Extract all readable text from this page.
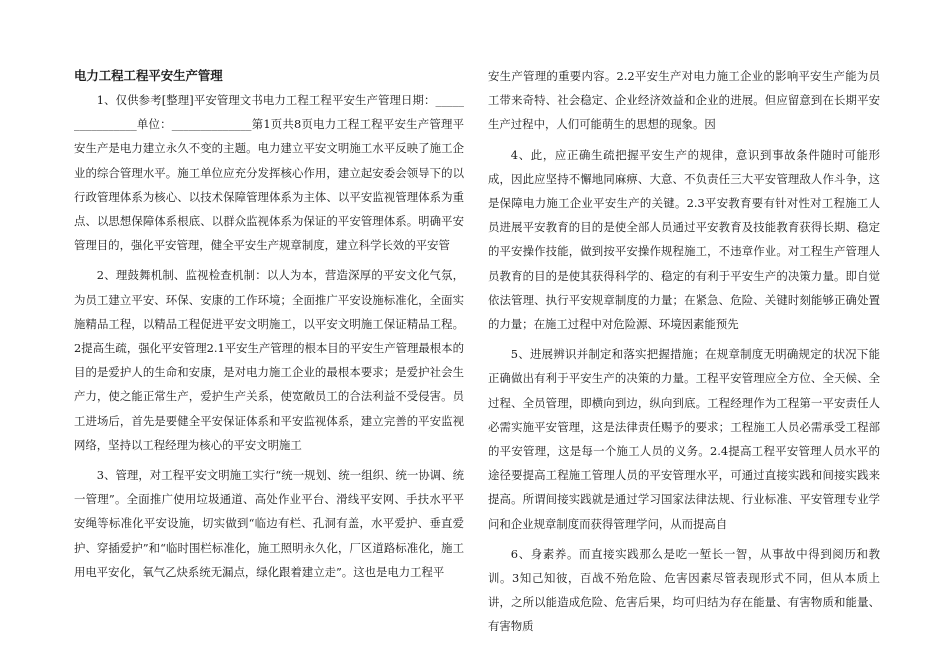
电力工程工程平安生产管理

1、仅供参考[整理]平安管理文书电力工程工程平安生产管理日期：________________单位：______________第1页共8页电力工程工程平安生产管理平安生产是电力建立永久不变的主题。电力建立平安文明施工水平反映了施工企业的综合管理水平。施工单位应充分发挥核心作用，建立起安委会领导下的以行政管理体系为核心、以技术保障管理体系为主体、以平安监视管理体系为重点、以思想保障体系根底、以群众监视体系为保证的平安管理体系。明确平安管理目的，强化平安管理，健全平安生产规章制度，建立科学长效的平安管

2、理鼓舞机制、监视检查机制：以人为本，营造深厚的平安文化气氛，为员工建立平安、环保、安康的工作环境；全面推广平安设施标准化，全面实施精品工程，以精品工程促进平安文明施工，以平安文明施工保证精品工程。2提高生疏，强化平安管理2.1平安生产管理的根本目的平安生产管理最根本的目的是爱护人的生命和安康，是对电力施工企业的最根本要求；是爱护社会生产力，使之能正常生产，爱护生产关系，使宽敞员工的合法利益不受侵害。员工进场后，首先是要健全平安保证体系和平安监视体系，建立完善的平安监视网络，坚持以工程经理为核心的平安文明施工

3、管理，对工程平安文明施工实行“统一规划、统一组织、统一协调、统一管理”。全面推广使用垃圾通道、高处作业平台、滑线平安网、手扶水平平安绳等标准化平安设施，切实做到“临边有栏、孔洞有盖，水平爱护、垂直爱护、穿插爱护”和“临时围栏标准化，施工照明永久化，厂区道路标准化，施工用电平安化，氧气乙炔系统无漏点，绿化跟着建立走”。这也是电力工程平

安生产管理的重要内容。2.2平安生产对电力施工企业的影响平安生产能为员工带来奇特、社会稳定、企业经济效益和企业的进展。但应留意到在长期平安生产过程中，人们可能萌生的思想的现象。因

4、此，应正确生疏把握平安生产的规律，意识到事故条件随时可能形成，因此应坚持不懈地同麻痹、大意、不负责任三大平安管理敌人作斗争，这是保障电力施工企业平安生产的关键。2.3平安教育要有针对性对工程施工人员进展平安教育的目的是使全部人员通过平安教育及技能教育获得长期、稳定的平安操作技能，做到按平安操作规程施工，不违章作业。对工程生产管理人员教育的目的是使其获得科学的、稳定的有利于平安生产的决策力量。即自觉依法管理、执行平安规章制度的力量；在紧急、危险、关键时刻能够正确处置的力量；在施工过程中对危险源、环境因素能预先

5、进展辨识并制定和落实把握措施；在规章制度无明确规定的状况下能正确做出有利于平安生产的决策的力量。工程平安管理应全方位、全天候、全过程、全员管理，即横向到边，纵向到底。工程经理作为工程第一平安责任人必需实施平安管理，这是法律责任赐予的要求；工程施工人员必需承受工程部的平安管理，这是每一个施工人员的义务。2.4提高工程平安管理人员水平的途径要提高工程施工管理人员的平安管理水平，可通过直接实践和间接实践来提高。所谓间接实践就是通过学习国家法律法规、行业标准、平安管理专业学问和企业规章制度而获得管理学问，从而提高自

6、身素养。而直接实践那么是吃一堑长一智，从事故中得到阅历和教训。3知己知彼，百战不殆危险、危害因素尽管表现形式不同，但从本质上讲，之所以能造成危险、危害后果，均可归结为存在能量、有害物质和能量、有害物质
